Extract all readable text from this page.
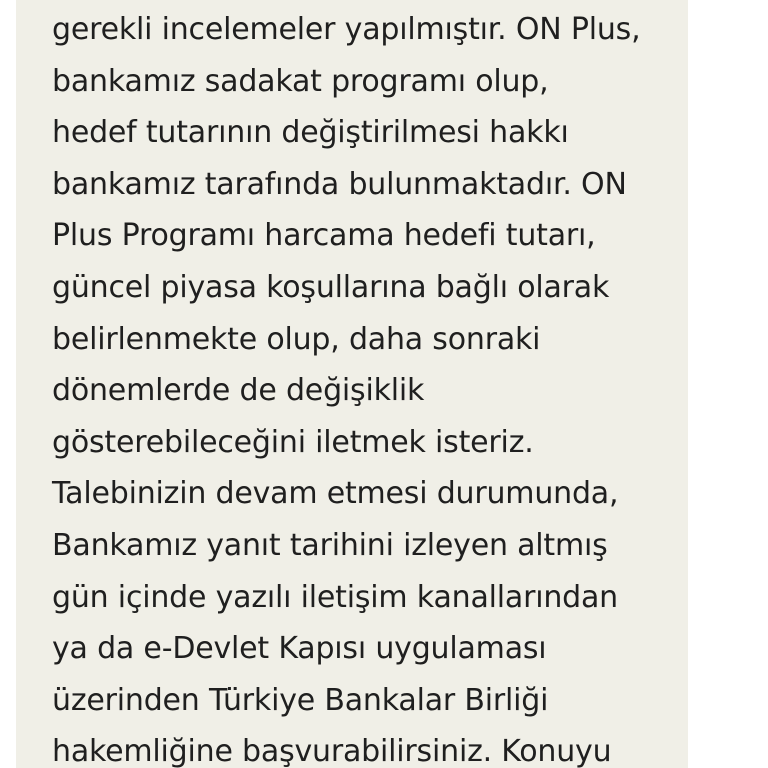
gerekli incelemeler yapılmıştır. ON Plus,
bankamız sadakat programı olup,
hedef tutarının değiştirilmesi hakkı
bankamız tarafında bulunmaktadır. ON
Plus Programı harcama hedefi tutarı,
güncel piyasa koşullarına bağlı olarak
belirlenmekte olup, daha sonraki
dönemlerde de değişiklik
gösterebileceğini iletmek isteriz.
Talebinizin devam etmesi durumunda,
Bankamız yanıt tarihini izleyen altmış
gün içinde yazılı iletişim kanallarından
ya da e-Devlet Kapısı uygulaması
üzerinden Türkiye Bankalar Birliği
hakemliğine başvurabilirsiniz. Konuyu
